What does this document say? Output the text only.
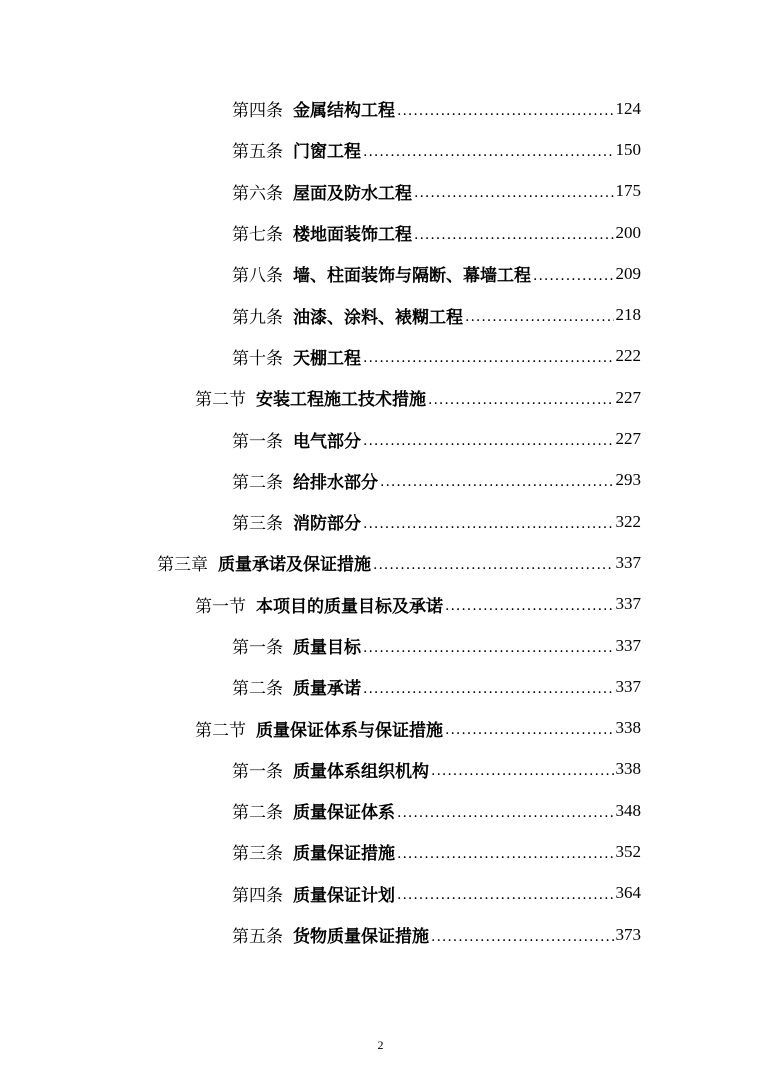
第四条 金属结构工程 .....	124
第五条 门窗工程 .....	150
第六条 屋面及防水工程 .....	175
第七条 楼地面装饰工程 .....	200
第八条 墙、柱面装饰与隔断、幕墙工程 .....	209
第九条 油漆、涂料、裱糊工程 .....	218
第十条 天棚工程 .....	222
第二节 安装工程施工技术措施 .....	227
第一条 电气部分 .....	227
第二条 给排水部分 .....	293
第三条 消防部分 .....	322
第三章 质量承诺及保证措施 .....	337
第一节 本项目的质量目标及承诺 .....	337
第一条 质量目标 .....	337
第二条 质量承诺 .....	337
第二节 质量保证体系与保证措施 .....	338
第一条 质量体系组织机构 .....	338
第二条 质量保证体系 .....	348
第三条 质量保证措施 .....	352
第四条 质量保证计划 .....	364
第五条 货物质量保证措施 .....	373
2
